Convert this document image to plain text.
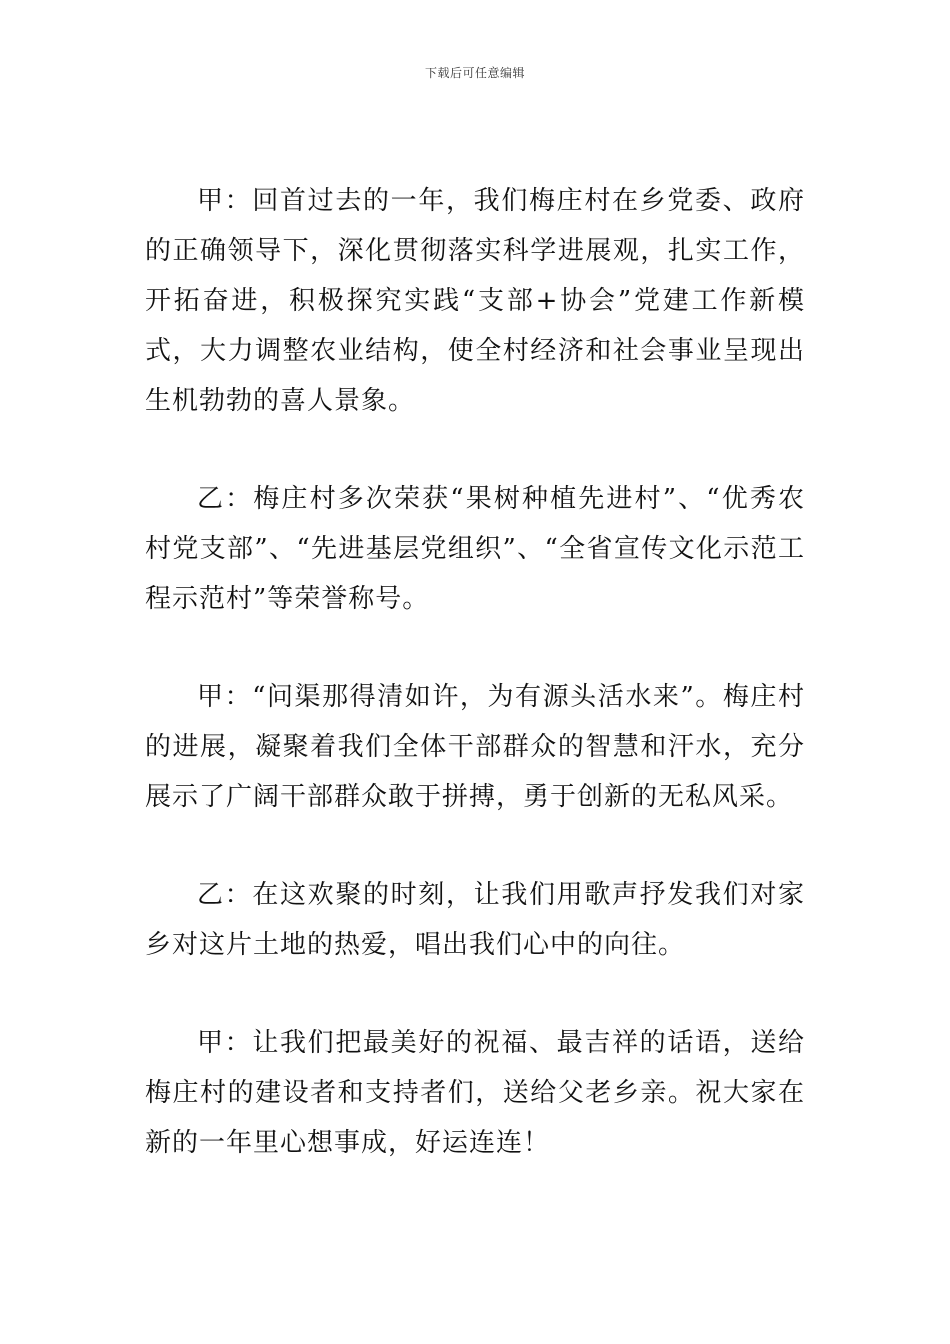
下载后可任意编辑

甲：回首过去的一年，我们梅庄村在乡党委、政府的正确领导下，深化贯彻落实科学进展观，扎实工作，开拓奋进，积极探究实践“支部+协会”党建工作新模式，大力调整农业结构，使全村经济和社会事业呈现出生机勃勃的喜人景象。

乙：梅庄村多次荣获“果树种植先进村”、“优秀农村党支部”、“先进基层党组织”、“全省宣传文化示范工程示范村”等荣誉称号。

甲：“问渠那得清如许，为有源头活水来”。梅庄村的进展，凝聚着我们全体干部群众的智慧和汗水，充分展示了广阔干部群众敢于拼搏，勇于创新的无私风采。

乙：在这欢聚的时刻，让我们用歌声抒发我们对家乡对这片土地的热爱，唱出我们心中的向往。

甲：让我们把最美好的祝福、最吉祥的话语，送给梅庄村的建设者和支持者们，送给父老乡亲。祝大家在新的一年里心想事成，好运连连！
